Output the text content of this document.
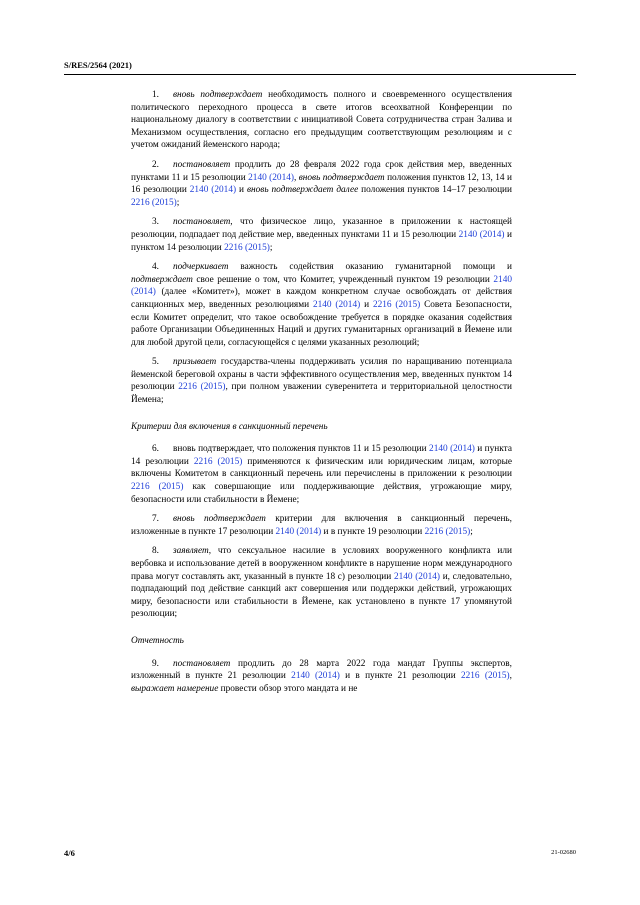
S/RES/2564 (2021)

1. вновь подтверждает необходимость полного и своевременного осуществления политического переходного процесса в свете итогов всеохватной Конференции по национальному диалогу в соответствии с инициативой Совета сотрудничества стран Залива и Механизмом осуществления, согласно его предыдущим соответствующим резолюциям и с учетом ожиданий йеменского народа;

2. постановляет продлить до 28 февраля 2022 года срок действия мер, введенных пунктами 11 и 15 резолюции 2140 (2014), вновь подтверждает положения пунктов 12, 13, 14 и 16 резолюции 2140 (2014) и вновь подтверждает далее положения пунктов 14–17 резолюции 2216 (2015);

3. постановляет, что физическое лицо, указанное в приложении к настоящей резолюции, подпадает под действие мер, введенных пунктами 11 и 15 резолюции 2140 (2014) и пунктом 14 резолюции 2216 (2015);

4. подчеркивает важность содействия оказанию гуманитарной помощи и подтверждает свое решение о том, что Комитет, учрежденный пунктом 19 резолюции 2140 (2014) (далее «Комитет»), может в каждом конкретном случае освобождать от действия санкционных мер, введенных резолюциями 2140 (2014) и 2216 (2015) Совета Безопасности, если Комитет определит, что такое освобождение требуется в порядке оказания содействия работе Организации Объединенных Наций и других гуманитарных организаций в Йемене или для любой другой цели, согласующейся с целями указанных резолюций;

5. призывает государства-члены поддерживать усилия по наращиванию потенциала йеменской береговой охраны в части эффективного осуществления мер, введенных пунктом 14 резолюции 2216 (2015), при полном уважении суверенитета и территориальной целостности Йемена;

Критерии для включения в санкционный перечень

6. вновь подтверждает, что положения пунктов 11 и 15 резолюции 2140 (2014) и пункта 14 резолюции 2216 (2015) применяются к физическим или юридическим лицам, которые включены Комитетом в санкционный перечень или перечислены в приложении к резолюции 2216 (2015) как совершающие или поддерживающие действия, угрожающие миру, безопасности или стабильности в Йемене;

7. вновь подтверждает критерии для включения в санкционный перечень, изложенные в пункте 17 резолюции 2140 (2014) и в пункте 19 резолюции 2216 (2015);

8. заявляет, что сексуальное насилие в условиях вооруженного конфликта или вербовка и использование детей в вооруженном конфликте в нарушение норм международного права могут составлять акт, указанный в пункте 18 c) резолюции 2140 (2014) и, следовательно, подпадающий под действие санкций акт совершения или поддержки действий, угрожающих миру, безопасности или стабильности в Йемене, как установлено в пункте 17 упомянутой резолюции;

Отчетность

9. постановляет продлить до 28 марта 2022 года мандат Группы экспертов, изложенный в пункте 21 резолюции 2140 (2014) и в пункте 21 резолюции 2216 (2015), выражает намерение провести обзор этого мандата и не

4/6	21-02680
